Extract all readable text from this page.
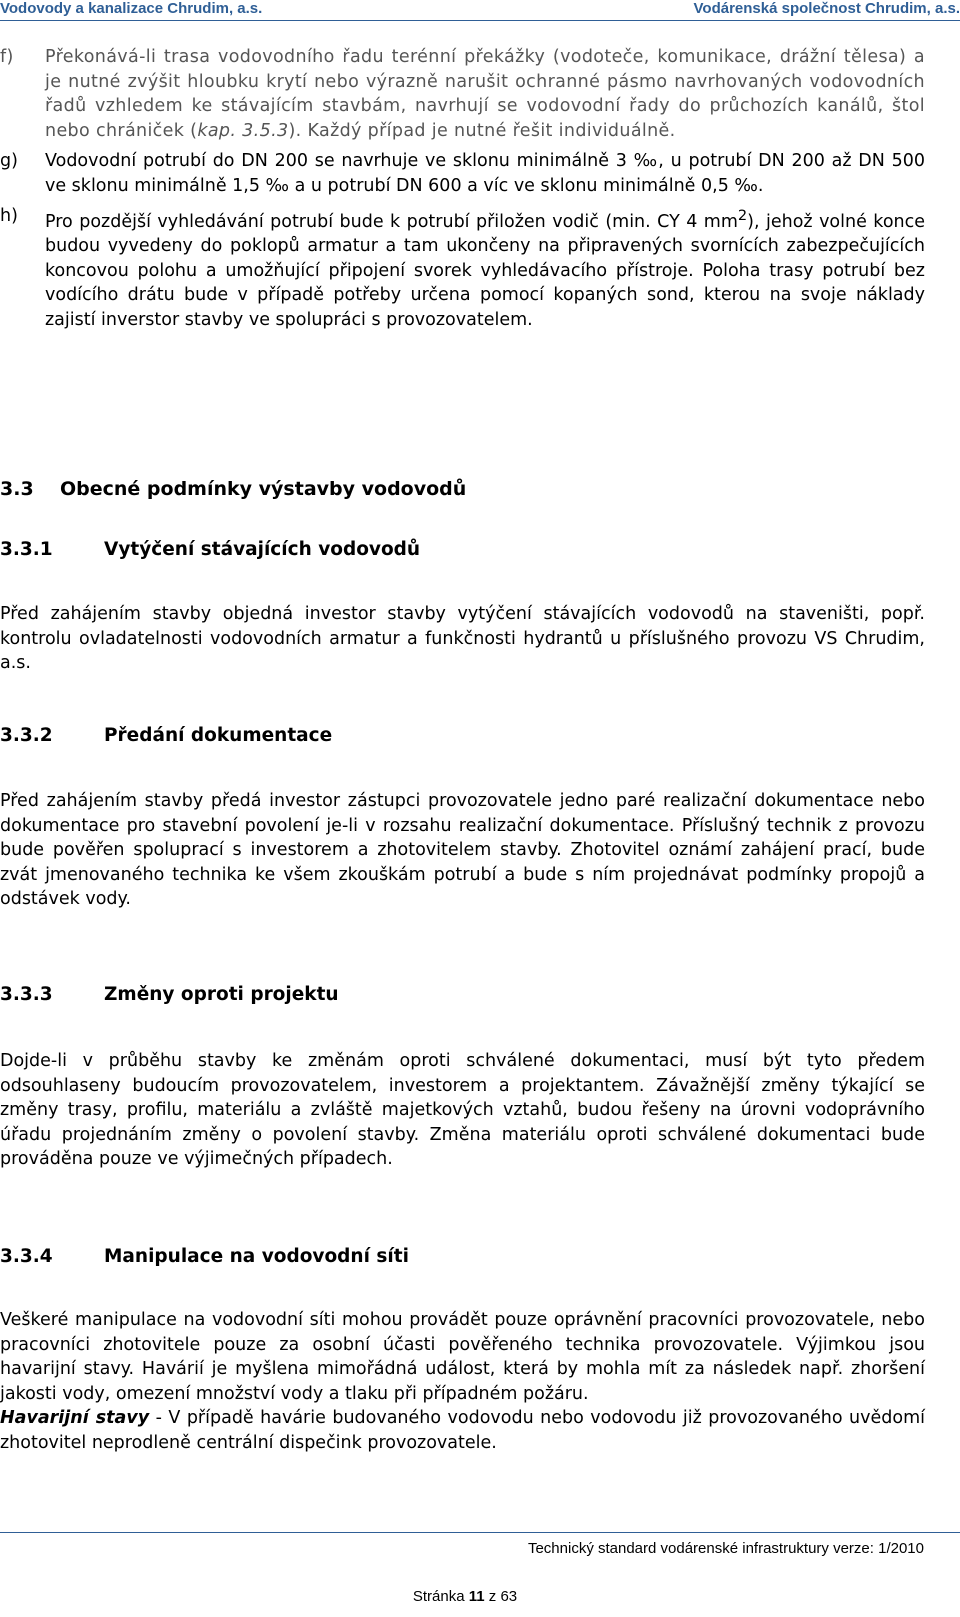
Vodovody a kanalizace Chrudim, a.s.	Vodárenská společnost Chrudim, a.s.
f) Překonává-li trasa vodovodního řadu terénní překážky (vodoteče, komunikace, drážní tělesa) a je nutné zvýšit hloubku krytí nebo výrazně narušit ochranné pásmo navrhovaných vodovodních řadů vzhledem ke stávajícím stavbám, navrhují se vodovodní řady do průchozích kanálů, štol nebo chrániček (kap. 3.5.3). Každý případ je nutné řešit individuálně.

g) Vodovodní potrubí do DN 200 se navrhuje ve sklonu minimálně 3 ‰, u potrubí DN 200 až DN 500 ve sklonu minimálně 1,5 ‰ a u potrubí DN 600 a víc ve sklonu minimálně 0,5 ‰.

h) Pro pozdější vyhledávání potrubí bude k potrubí přiložen vodič (min. CY 4 $mm^2$), jehož volné konce budou vyvedeny do poklopů armatur a tam ukončeny na připravených svornících zabezpečujících koncovou polohu a umožňující připojení svorek vyhledávacího přístroje. Poloha trasy potrubí bez vodícího drátu bude v případě potřeby určena pomocí kopaných sond, kterou na svoje náklady zajistí inverstor stavby ve spolupráci s provozovatelem.

3.3 Obecné podmínky výstavby vodovodů
3.3.1	Vytýčení stávajících vodovodů

Před zahájením stavby objedná investor stavby vytýčení stávajících vodovodů na staveništi, popř. kontrolu ovladatelnosti vodovodních armatur a funkčnosti hydrantů u příslušného provozu VS Chrudim, a.s.

3.3.2	Předání dokumentace

Před zahájením stavby předá investor zástupci provozovatele jedno paré realizační dokumentace nebo dokumentace pro stavební povolení je-li v rozsahu realizační dokumentace. Příslušný technik z provozu bude pověřen spoluprací s investorem a zhotovitelem stavby. Zhotovitel oznámí zahájení prací, bude zvát jmenovaného technika ke všem zkouškám potrubí a bude s ním projednávat podmínky propojů a odstávek vody.

3.3.3	Změny oproti projektu

Dojde-li v průběhu stavby ke změnám oproti schválené dokumentaci, musí být tyto předem odsouhlaseny budoucím provozovatelem, investorem a projektantem. Závažnější změny týkající se změny trasy, profilu, materiálu a zvláště majetkových vztahů, budou řešeny na úrovni vodoprávního úřadu projednáním změny o povolení stavby. Změna materiálu oproti schválené dokumentaci bude prováděna pouze ve výjimečných případech.

3.3.4	Manipulace na vodovodní síti
Veškeré manipulace na vodovodní síti mohou provádět pouze oprávnění pracovníci provozovatele, nebo pracovníci zhotovitele pouze za osobní účasti pověřeného technika provozovatele. Výjimkou jsou havarijní stavy. Havárií je myšlena mimořádná událost, která by mohla mít za následek např. zhoršení jakosti vody, omezení množství vody a tlaku při případném požáru.
Havarijní stavy - V případě havárie budovaného vodovodu nebo vodovodu již provozovaného uvědomí zhotovitel neprodleně centrální dispečink provozovatele.
Technický standard vodárenské infrastruktury verze: 1/2010
Stránka 11 z 63
